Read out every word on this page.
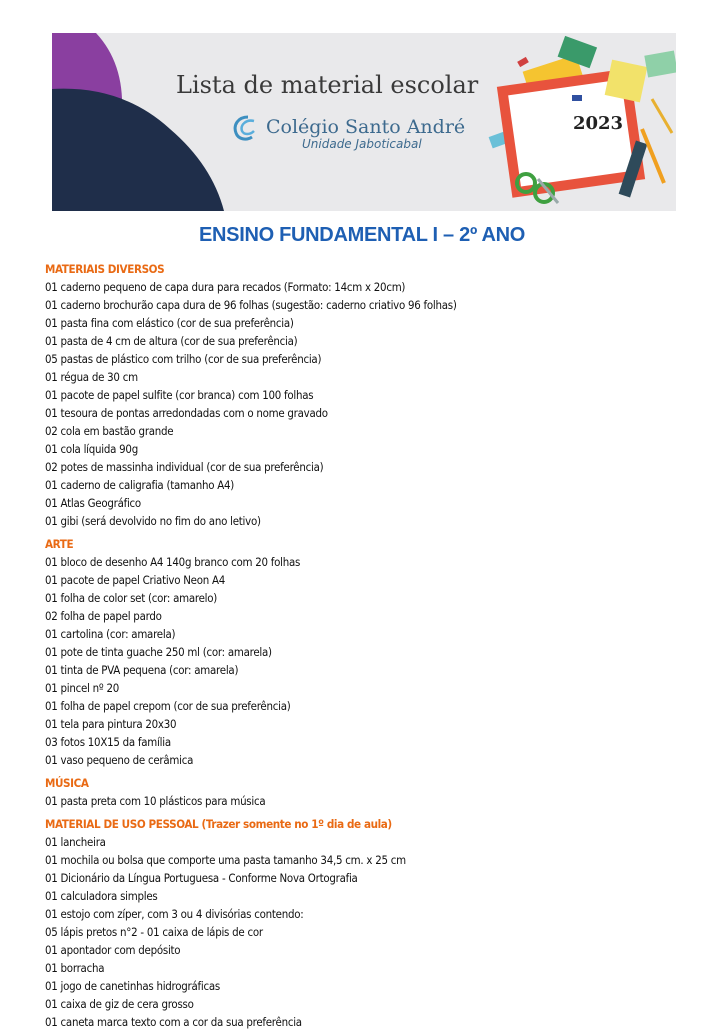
Lista de material escolar
Colégio Santo André
Unidade Jaboticabal
2023
ENSINO FUNDAMENTAL I – 2º ANO
MATERIAIS DIVERSOS
01 caderno pequeno de capa dura para recados (Formato: 14cm x 20cm)
01 caderno brochurão capa dura de 96 folhas (sugestão: caderno criativo 96 folhas)
01 pasta fina com elástico (cor de sua preferência)
01 pasta de 4 cm de altura (cor de sua preferência)
05 pastas de plástico com trilho (cor de sua preferência)
01 régua de 30 cm
01 pacote de papel sulfite (cor branca) com 100 folhas
01 tesoura de pontas arredondadas com o nome gravado
02 cola em bastão grande
01 cola líquida 90g
02 potes de massinha individual (cor de sua preferência)
01 caderno de caligrafia (tamanho A4)
01 Atlas Geográfico
01 gibi (será devolvido no fim do ano letivo)
ARTE
01 bloco de desenho A4 140g branco com 20 folhas
01 pacote de papel Criativo Neon A4
01 folha de color set (cor: amarelo)
02 folha de papel pardo
01 cartolina (cor: amarela)
01 pote de tinta guache 250 ml (cor: amarela)
01 tinta de PVA pequena (cor: amarela)
01 pincel nº 20
01 folha de papel crepom (cor de sua preferência)
01 tela para pintura 20x30
03 fotos 10X15 da família
01 vaso pequeno de cerâmica
MÚSICA
01 pasta preta com 10 plásticos para música
MATERIAL DE USO PESSOAL (Trazer somente no 1º dia de aula)
01 lancheira
01 mochila ou bolsa que comporte uma pasta tamanho 34,5 cm. x 25 cm
01 Dicionário da Língua Portuguesa - Conforme Nova Ortografia
01 calculadora simples
01 estojo com zíper, com 3 ou 4 divisórias contendo:
05 lápis pretos n°2 - 01 caixa de lápis de cor
01 apontador com depósito
01 borracha
01 jogo de canetinhas hidrográficas
01 caixa de giz de cera grosso
01 caneta marca texto com a cor da sua preferência
